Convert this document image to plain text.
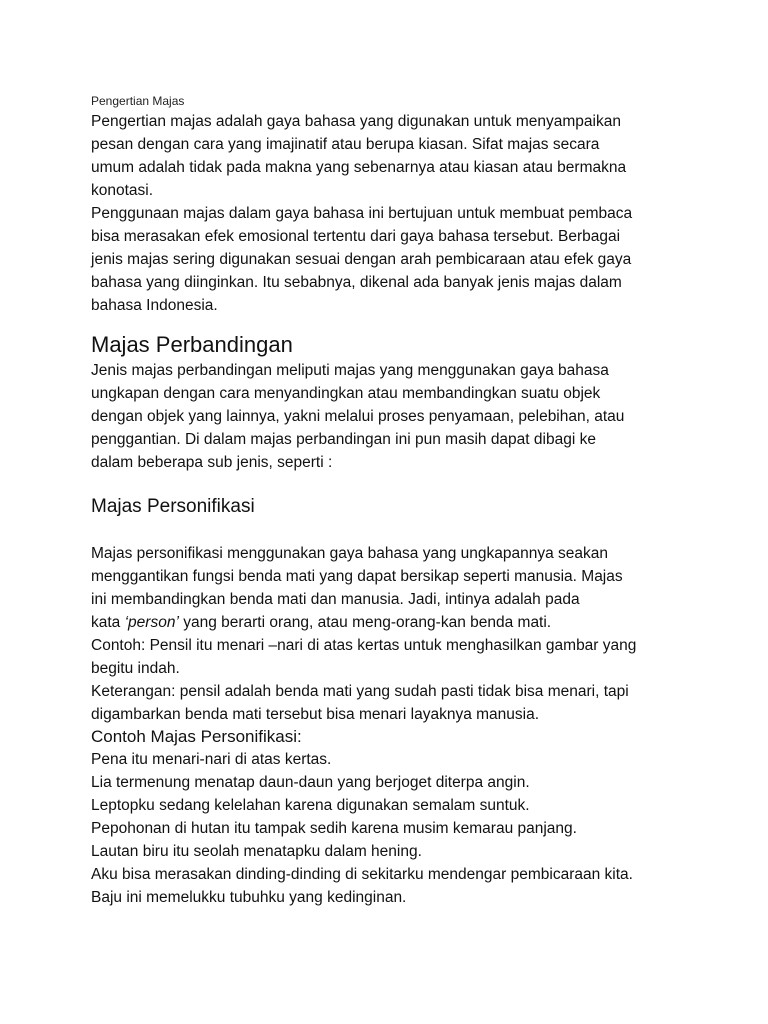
Pengertian Majas

Pengertian majas adalah gaya bahasa yang digunakan untuk menyampaikan
pesan dengan cara yang imajinatif atau berupa kiasan. Sifat majas secara
umum adalah tidak pada makna yang sebenarnya atau kiasan atau bermakna
konotasi.
Penggunaan majas dalam gaya bahasa ini bertujuan untuk membuat pembaca
bisa merasakan efek emosional tertentu dari gaya bahasa tersebut. Berbagai
jenis majas sering digunakan sesuai dengan arah pembicaraan atau efek gaya
bahasa yang diinginkan. Itu sebabnya, dikenal ada banyak jenis majas dalam
bahasa Indonesia.

Majas Perbandingan

Jenis majas perbandingan meliputi majas yang menggunakan gaya bahasa
ungkapan dengan cara menyandingkan atau membandingkan suatu objek
dengan objek yang lainnya, yakni melalui proses penyamaan, pelebihan, atau
penggantian. Di dalam majas perbandingan ini pun masih dapat dibagi ke
dalam beberapa sub jenis, seperti :

Majas Personifikasi

Majas personifikasi menggunakan gaya bahasa yang ungkapannya seakan
menggantikan fungsi benda mati yang dapat bersikap seperti manusia. Majas
ini membandingkan benda mati dan manusia. Jadi, intinya adalah pada
kata ‘person’ yang berarti orang, atau meng-orang-kan benda mati.
Contoh: Pensil itu menari –nari di atas kertas untuk menghasilkan gambar yang
begitu indah.
Keterangan: pensil adalah benda mati yang sudah pasti tidak bisa menari, tapi
digambarkan benda mati tersebut bisa menari layaknya manusia.
Contoh Majas Personifikasi:
Pena itu menari-nari di atas kertas.
Lia termenung menatap daun-daun yang berjoget diterpa angin.
Leptopku sedang kelelahan karena digunakan semalam suntuk.
Pepohonan di hutan itu tampak sedih karena musim kemarau panjang.
Lautan biru itu seolah menatapku dalam hening.
Aku bisa merasakan dinding-dinding di sekitarku mendengar pembicaraan kita.
Baju ini memelukku tubuhku yang kedinginan.
